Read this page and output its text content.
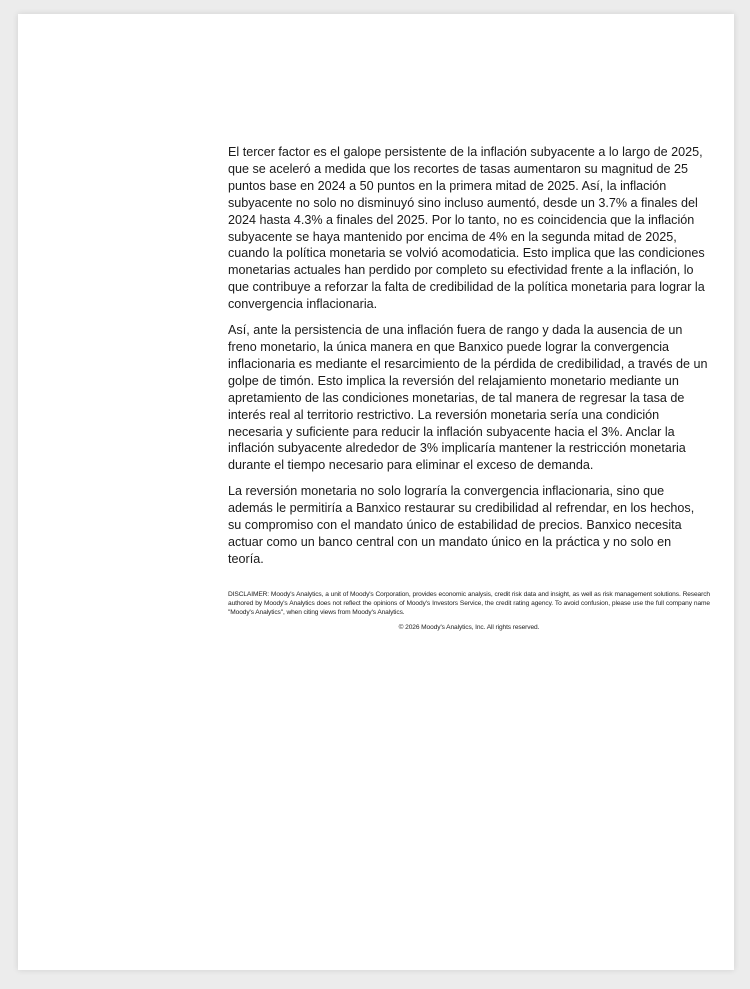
El tercer factor es el galope persistente de la inflación subyacente a lo largo de 2025, que se aceleró a medida que los recortes de tasas aumentaron su magnitud de 25 puntos base en 2024 a 50 puntos en la primera mitad de 2025. Así, la inflación subyacente no solo no disminuyó sino incluso aumentó, desde un 3.7% a finales del 2024 hasta 4.3% a finales del 2025. Por lo tanto, no es coincidencia que la inflación subyacente se haya mantenido por encima de 4% en la segunda mitad de 2025, cuando la política monetaria se volvió acomodaticia. Esto implica que las condiciones monetarias actuales han perdido por completo su efectividad frente a la inflación, lo que contribuye a reforzar la falta de credibilidad de la política monetaria para lograr la convergencia inflacionaria.

Así, ante la persistencia de una inflación fuera de rango y dada la ausencia de un freno monetario, la única manera en que Banxico puede lograr la convergencia inflacionaria es mediante el resarcimiento de la pérdida de credibilidad, a través de un golpe de timón. Esto implica la reversión del relajamiento monetario mediante un apretamiento de las condiciones monetarias, de tal manera de regresar la tasa de interés real al territorio restrictivo. La reversión monetaria sería una condición necesaria y suficiente para reducir la inflación subyacente hacia el 3%. Anclar la inflación subyacente alrededor de 3% implicaría mantener la restricción monetaria durante el tiempo necesario para eliminar el exceso de demanda.

La reversión monetaria no solo lograría la convergencia inflacionaria, sino que además le permitiría a Banxico restaurar su credibilidad al refrendar, en los hechos, su compromiso con el mandato único de estabilidad de precios. Banxico necesita actuar como un banco central con un mandato único en la práctica y no solo en teoría.

DISCLAIMER: Moody's Analytics, a unit of Moody's Corporation, provides economic analysis, credit risk data and insight, as well as risk management solutions. Research authored by Moody's Analytics does not reflect the opinions of Moody's Investors Service, the credit rating agency. To avoid confusion, please use the full company name "Moody's Analytics", when citing views from Moody's Analytics.

© 2026 Moody's Analytics, Inc. All rights reserved.
